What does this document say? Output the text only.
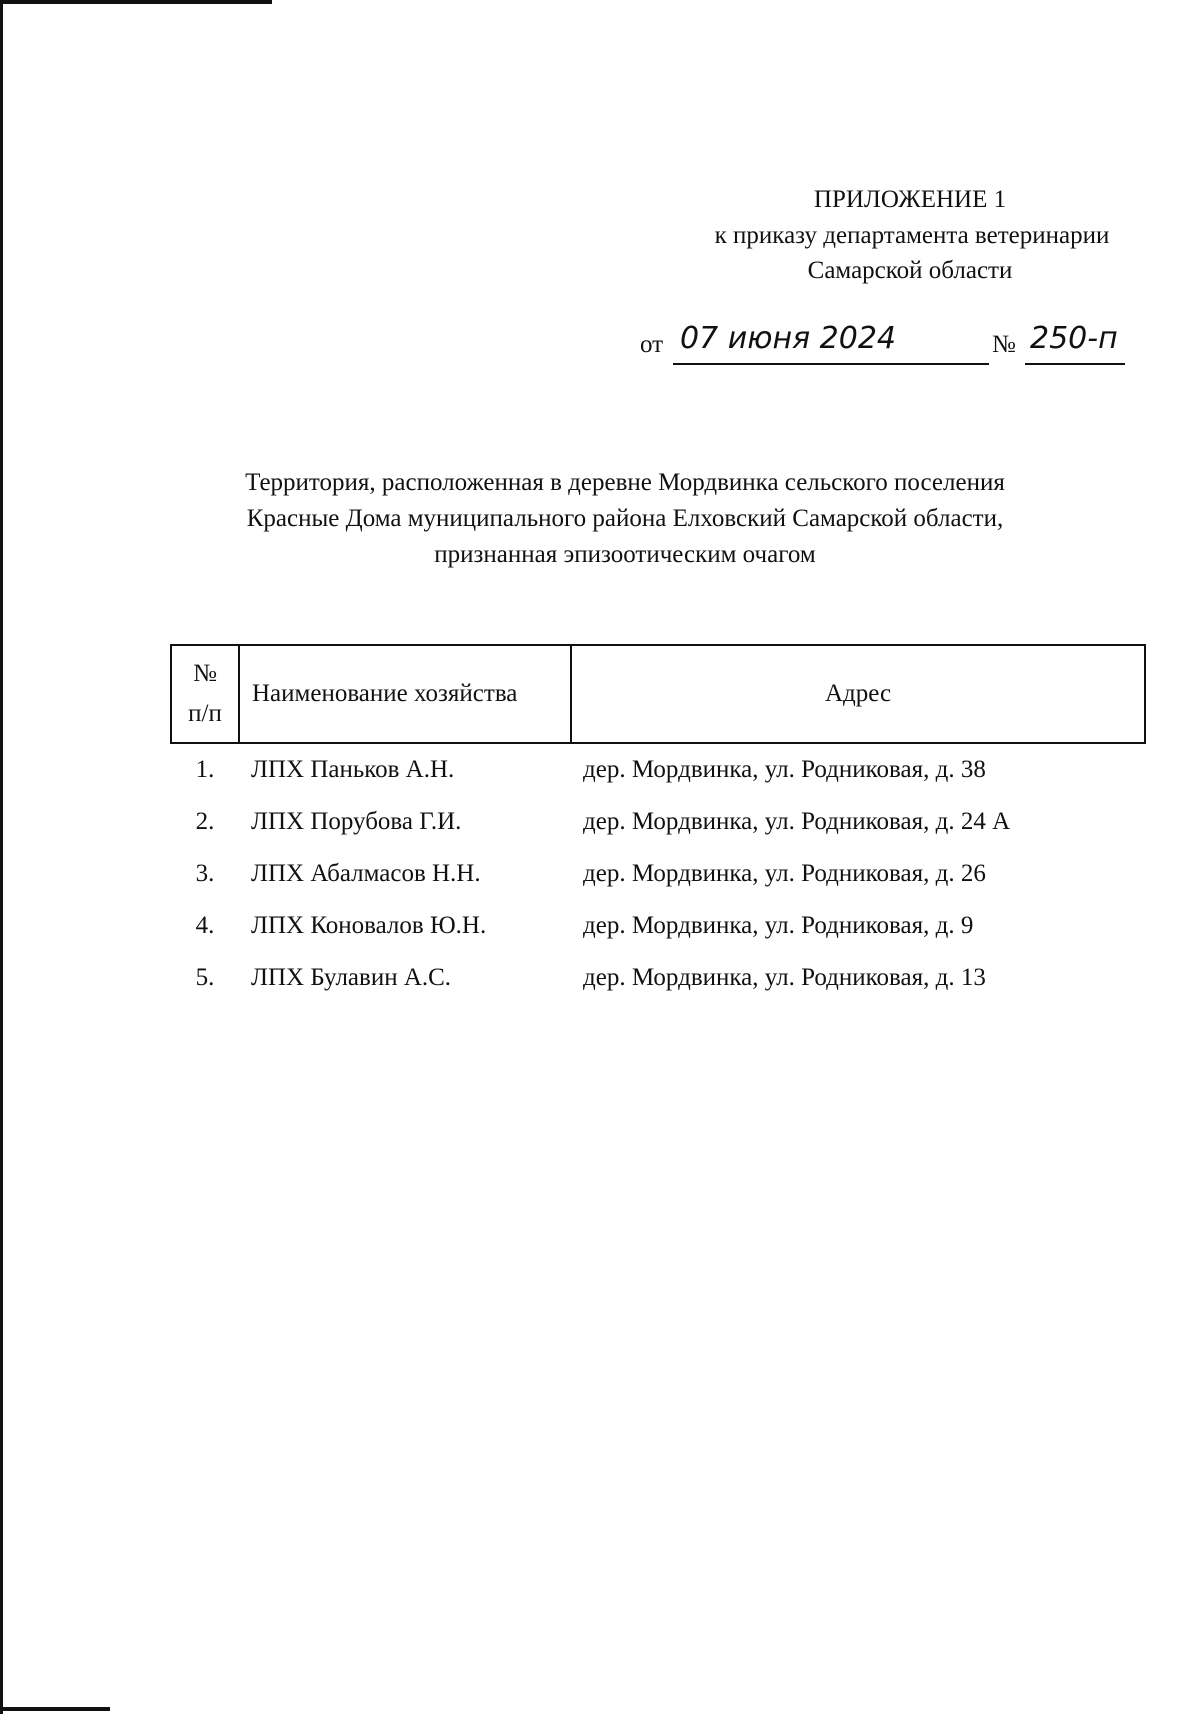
ПРИЛОЖЕНИЕ 1
к приказу департамента ветеринарии
Самарской области
от 07 июня 2024	№ 250-п
Территория, расположенная в деревне Мордвинка сельского поселения
Красные Дома муниципального района Елховский Самарской области,
признанная эпизоотическим очагом
№
п/п	Наименование хозяйства	Адрес
1.	ЛПХ Паньков А.Н.	дер. Мордвинка, ул. Родниковая, д. 38
2.	ЛПХ Порубова Г.И.	дер. Мордвинка, ул. Родниковая, д. 24 А
3.	ЛПХ Абалмасов Н.Н.	дер. Мордвинка, ул. Родниковая, д. 26
4.	ЛПХ Коновалов Ю.Н.	дер. Мордвинка, ул. Родниковая, д. 9
5.	ЛПХ Булавин А.С.	дер. Мордвинка, ул. Родниковая, д. 13
